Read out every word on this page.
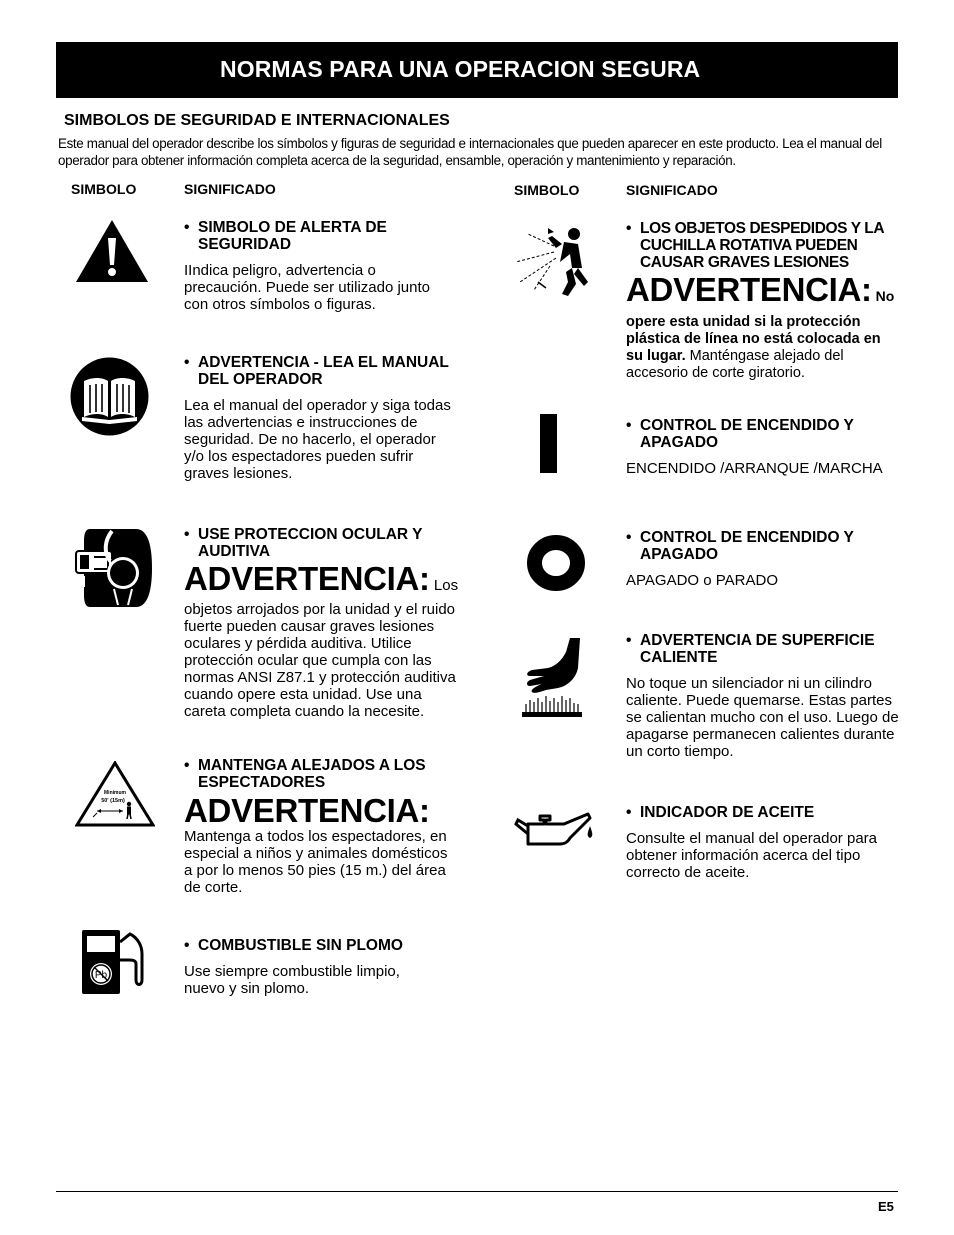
NORMAS PARA UNA OPERACION SEGURA
SIMBOLOS DE SEGURIDAD E INTERNACIONALES
Este manual del operador describe los símbolos y figuras de seguridad e internacionales que pueden aparecer en este producto. Lea el manual del operador para obtener información completa acerca de la seguridad, ensamble, operación y mantenimiento y reparación.
SIMBOLO	SIGNIFICADO	SIMBOLO	SIGNIFICADO
• SIMBOLO DE ALERTA DE SEGURIDAD
IIndica peligro, advertencia o precaución. Puede ser utilizado junto con otros símbolos o figuras.
• ADVERTENCIA - LEA EL MANUAL DEL OPERADOR
Lea el manual del operador y siga todas las advertencias e instrucciones de seguridad. De no hacerlo, el operador y/o los espectadores pueden sufrir graves lesiones.
• USE PROTECCION OCULAR Y AUDITIVA
ADVERTENCIA: Los
objetos arrojados por la unidad y el ruido fuerte pueden causar graves lesiones oculares y pérdida auditiva. Utilice protección ocular que cumpla con las normas ANSI Z87.1 y protección auditiva cuando opere esta unidad. Use una careta completa cuando la necesite.
Minimum
50' (15m)
• MANTENGA ALEJADOS A LOS ESPECTADORES
ADVERTENCIA:
Mantenga a todos los espectadores, en especial a niños y animales domésticos a por lo menos 50 pies (15 m.) del área de corte.
Pb
• COMBUSTIBLE SIN PLOMO
Use siempre combustible limpio, nuevo y sin plomo.
• LOS OBJETOS DESPEDIDOS Y LA CUCHILLA ROTATIVA PUEDEN CAUSAR GRAVES LESIONES
ADVERTENCIA: No
opere esta unidad si la protección plástica de línea no está colocada en su lugar. Manténgase alejado del accesorio de corte giratorio.
• CONTROL DE ENCENDIDO Y APAGADO
ENCENDIDO /ARRANQUE /MARCHA
• CONTROL DE ENCENDIDO Y APAGADO
APAGADO o PARADO
• ADVERTENCIA DE SUPERFICIE CALIENTE
No toque un silenciador ni un cilindro caliente. Puede quemarse. Estas partes se calientan mucho con el uso. Luego de apagarse permanecen calientes durante un corto tiempo.
• INDICADOR DE ACEITE
Consulte el manual del operador para obtener información acerca del tipo correcto de aceite.
E5
